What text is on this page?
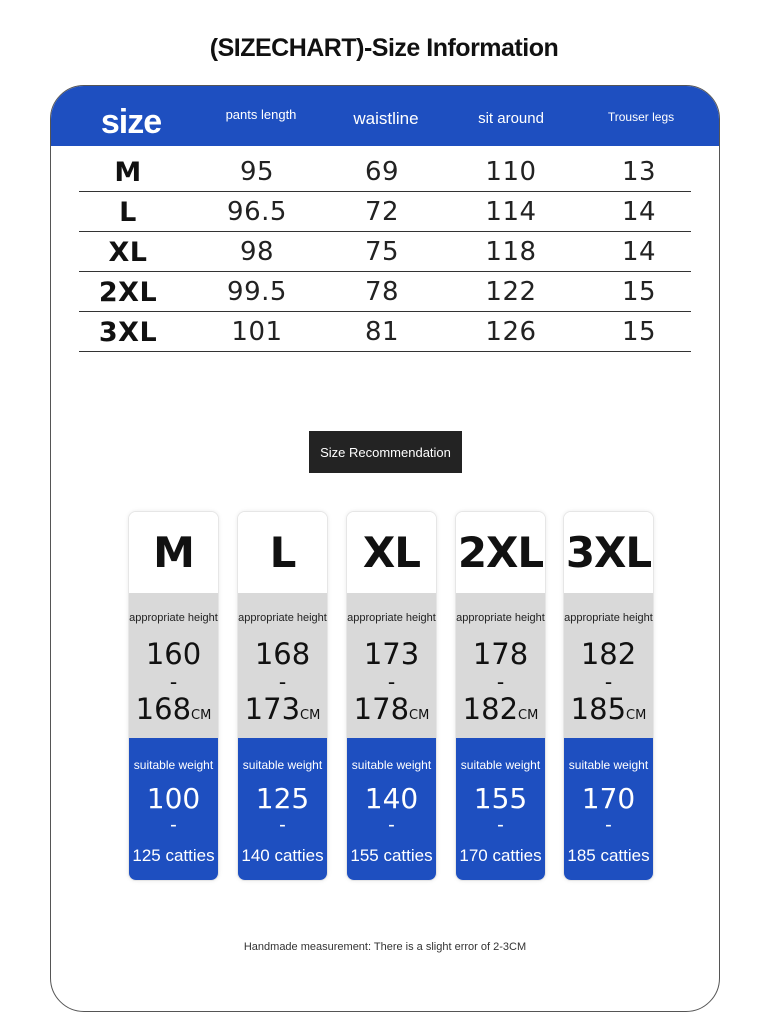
(SIZECHART)-Size Information
size	pants length	waistline	sit around	Trouser legs
M	95	69	110	13
L	96.5	72	114	14
XL	98	75	118	14
2XL	99.5	78	122	15
3XL	101	81	126	15
Size Recommendation
M
appropriate height
160
-
168CM
suitable weight
100
-
125 catties
L
appropriate height
168
-
173CM
suitable weight
125
-
140 catties
XL
appropriate height
173
-
178CM
suitable weight
140
-
155 catties
2XL
appropriate height
178
-
182CM
suitable weight
155
-
170 catties
3XL
appropriate height
182
-
185CM
suitable weight
170
-
185 catties
Handmade measurement: There is a slight error of 2-3CM
